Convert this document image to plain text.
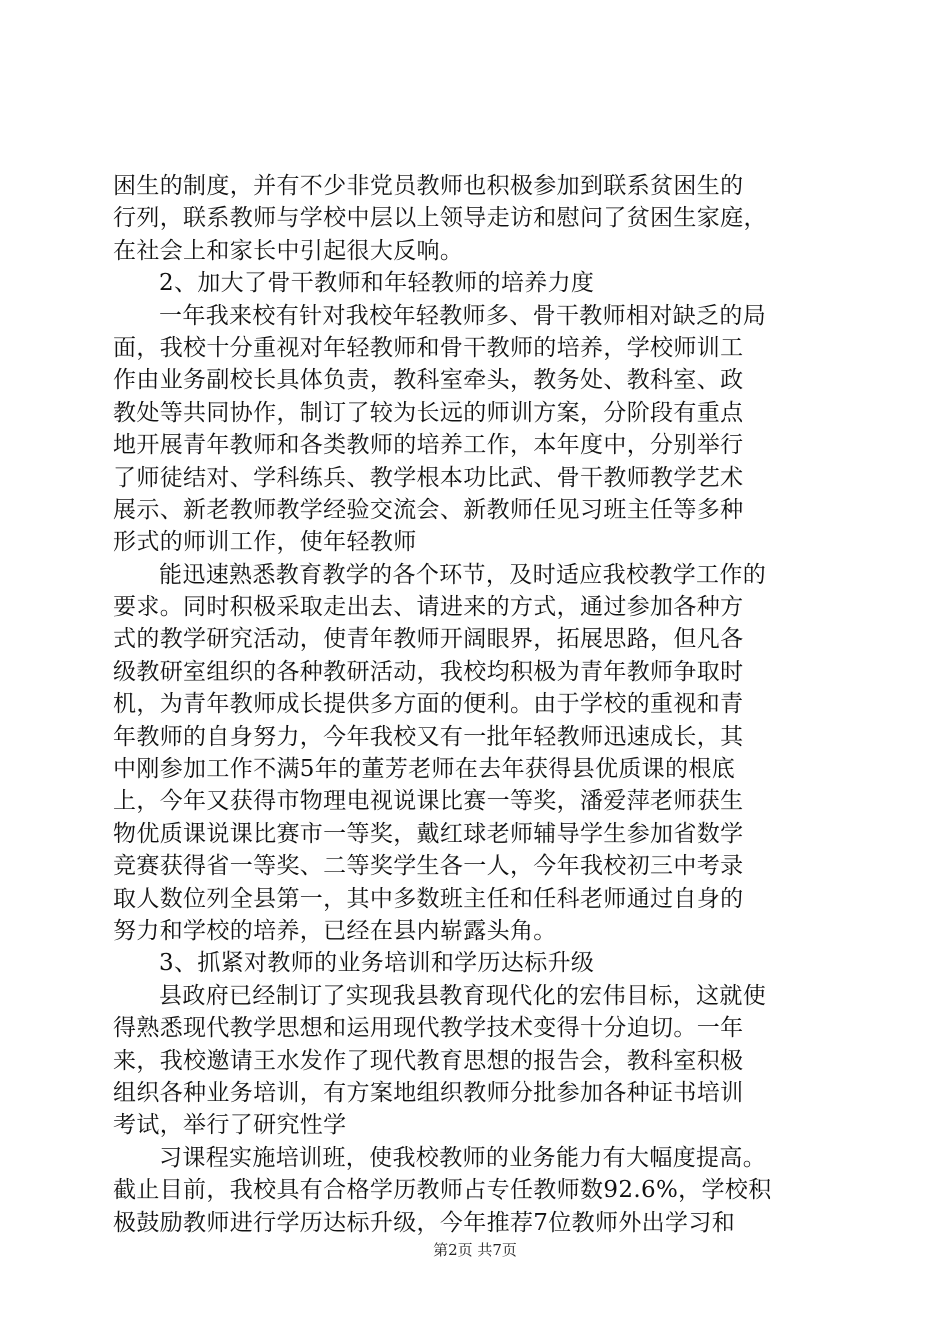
困生的制度，并有不少非党员教师也积极参加到联系贫困生的
行列，联系教师与学校中层以上领导走访和慰问了贫困生家庭，
在社会上和家长中引起很大反响。
2、加大了骨干教师和年轻教师的培养力度
一年我来校有针对我校年轻教师多、骨干教师相对缺乏的局
面，我校十分重视对年轻教师和骨干教师的培养，学校师训工
作由业务副校长具体负责，教科室牵头，教务处、教科室、政
教处等共同协作，制订了较为长远的师训方案，分阶段有重点
地开展青年教师和各类教师的培养工作，本年度中，分别举行
了师徒结对、学科练兵、教学根本功比武、骨干教师教学艺术
展示、新老教师教学经验交流会、新教师任见习班主任等多种
形式的师训工作，使年轻教师
能迅速熟悉教育教学的各个环节，及时适应我校教学工作的
要求。同时积极采取走出去、请进来的方式，通过参加各种方
式的教学研究活动，使青年教师开阔眼界，拓展思路，但凡各
级教研室组织的各种教研活动，我校均积极为青年教师争取时
机，为青年教师成长提供多方面的便利。由于学校的重视和青
年教师的自身努力，今年我校又有一批年轻教师迅速成长，其
中刚参加工作不满5年的董芳老师在去年获得县优质课的根底
上，今年又获得市物理电视说课比赛一等奖，潘爱萍老师获生
物优质课说课比赛市一等奖，戴红球老师辅导学生参加省数学
竞赛获得省一等奖、二等奖学生各一人，今年我校初三中考录
取人数位列全县第一，其中多数班主任和任科老师通过自身的
努力和学校的培养，已经在县内崭露头角。
3、抓紧对教师的业务培训和学历达标升级
县政府已经制订了实现我县教育现代化的宏伟目标，这就使
得熟悉现代教学思想和运用现代教学技术变得十分迫切。一年
来，我校邀请王水发作了现代教育思想的报告会，教科室积极
组织各种业务培训，有方案地组织教师分批参加各种证书培训
考试，举行了研究性学
习课程实施培训班，使我校教师的业务能力有大幅度提高。
截止目前，我校具有合格学历教师占专任教师数92.6%，学校积
极鼓励教师进行学历达标升级，今年推荐7位教师外出学习和
第2页 共7页
